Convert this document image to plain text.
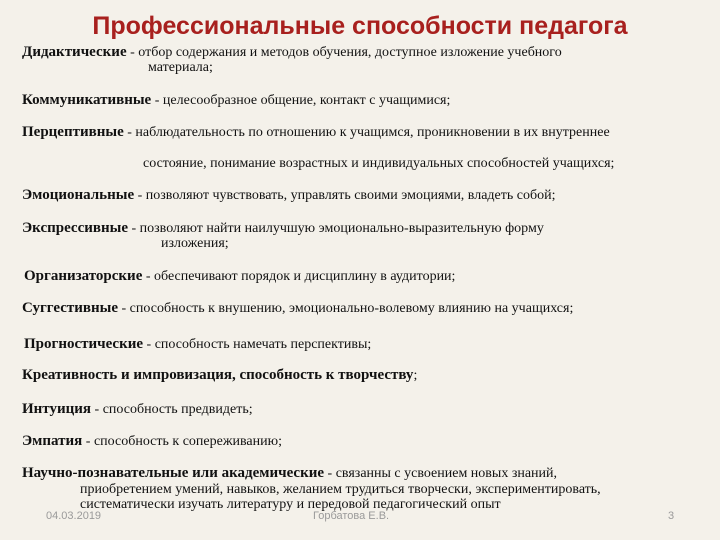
Профессиональные способности педагога
Дидактические - отбор содержания и методов обучения, доступное изложение учебного
материала;
Коммуникативные - целесообразное общение, контакт с учащимися;
Перцептивные - наблюдательность по отношению к учащимся, проникновении в их внутреннее
состояние, понимание возрастных и индивидуальных способностей учащихся;
Эмоциональные - позволяют чувствовать, управлять своими эмоциями, владеть собой;
Экспрессивные - позволяют найти наилучшую эмоционально-выразительную форму
изложения;
Организаторские - обеспечивают порядок и дисциплину в аудитории;
Суггестивные - способность к внушению, эмоционально-волевому влиянию на учащихся;
Прогностические - способность намечать перспективы;
Креативность и импровизация, способность к творчеству;
Интуиция - способность предвидеть;
Эмпатия - способность к сопереживанию;
Научно-познавательные или академические - связанны с усвоением новых знаний,
приобретением умений, навыков, желанием трудиться творчески, экспериментировать,
систематически изучать литературу и передовой педагогический опыт
04.03.2019	Горбатова Е.В.	3
